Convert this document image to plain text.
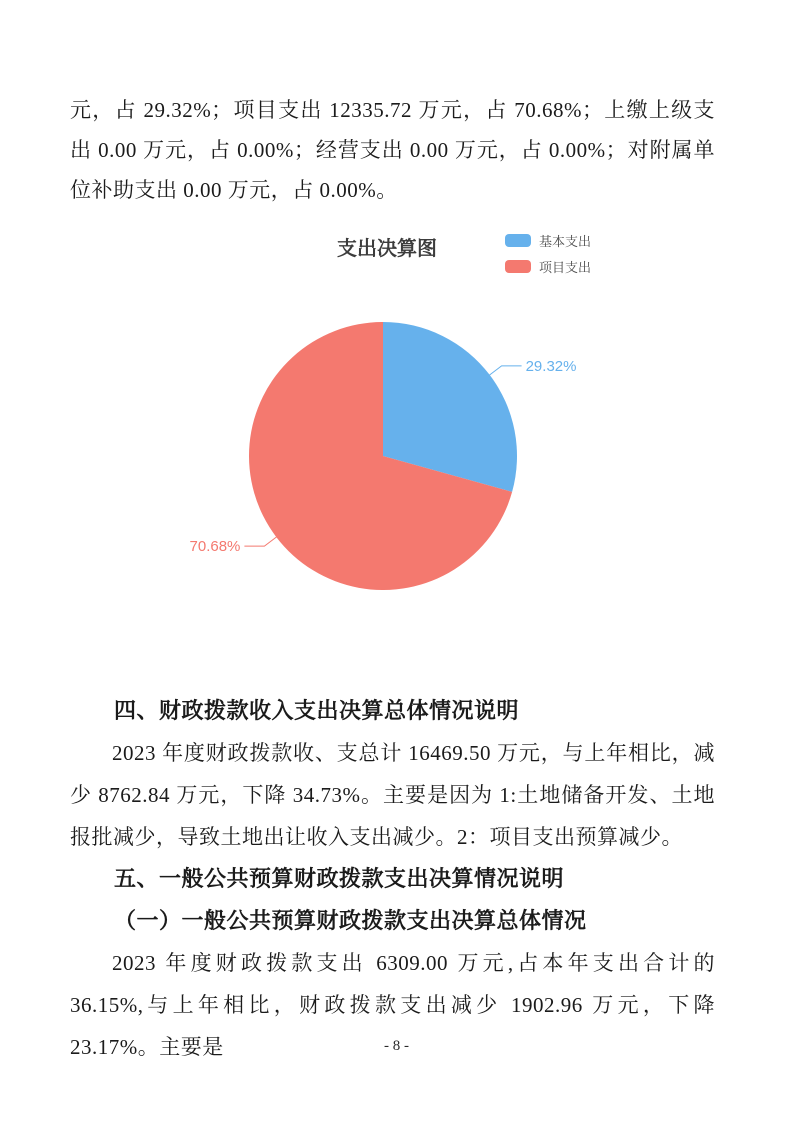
元，占 29.32%；项目支出 12335.72 万元，占 70.68%；上缴上级支出 0.00 万元，占 0.00%；经营支出 0.00 万元，占 0.00%；对附属单位补助支出 0.00 万元，占 0.00%。

支出决算图	基本支出
项目支出
29.32%
70.68%
四、财政拨款收入支出决算总体情况说明

2023 年度财政拨款收、支总计 16469.50 万元，与上年相比，减少 8762.84 万元，下降 34.73%。主要是因为 1:土地储备开发、土地报批减少，导致土地出让收入支出减少。2：项目支出预算减少。

五、一般公共预算财政拨款支出决算情况说明
（一）一般公共预算财政拨款支出决算总体情况

2023 年度财政拨款支出 6309.00 万元,占本年支出合计的 36.15%,与上年相比，财政拨款支出减少 1902.96 万元，下降 23.17%。主要是	- 8 -
